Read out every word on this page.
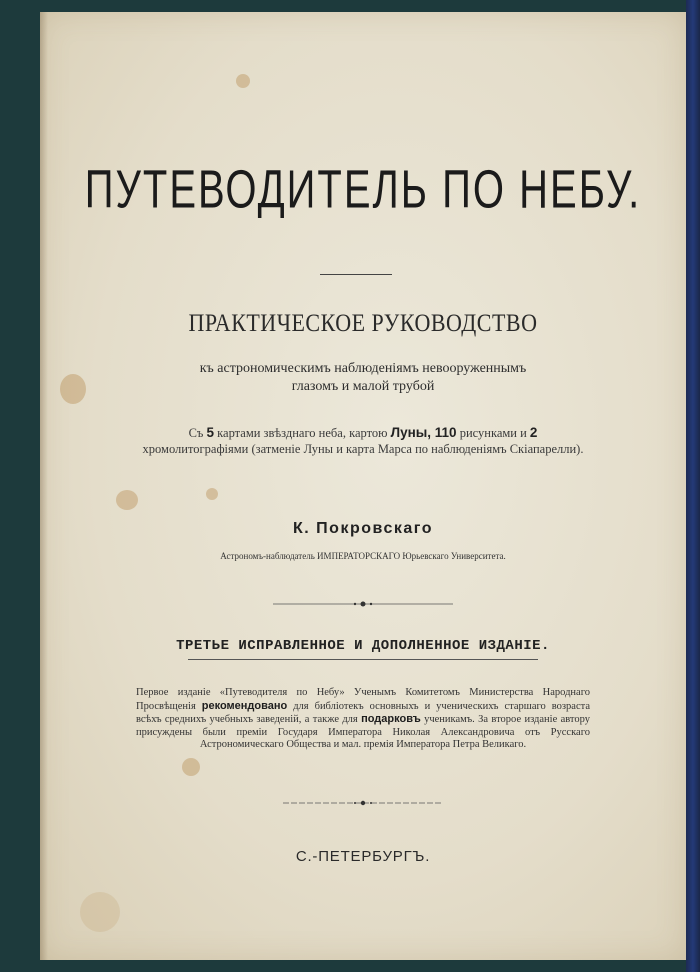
ПУТЕВОДИТЕЛЬ ПО НЕБУ.
ПРАКТИЧЕСКОЕ РУКОВОДСТВО
къ астрономическимъ наблюденіямъ невооруженнымъ
глазомъ и малой трубой
Съ 5 картами звѣзднаго неба, картою Луны, 110 рисунками и 2 хромолитографіями (затменіе Луны и карта Марса по наблюденіямъ Скіапарелли).
К. Покровскаго
Астрономъ-наблюдатель ИМПЕРАТОРСКАГО Юрьевскаго Университета.
ТРЕТЬЕ ИСПРАВЛЕННОЕ И ДОПОЛНЕННОЕ ИЗДАНІЕ.
Первое изданіе «Путеводителя по Небу» Ученымъ Комитетомъ Министерства Народнаго Просвѣщенія рекомендовано для библіотекъ основныхъ и ученическихъ старшаго возраста всѣхъ среднихъ учебныхъ заведеній, а также для подарковъ ученикамъ. За второе изданіе автору присуждены были преміи Государя Императора Николая Александровича отъ Русскаго Астрономическаго Общества и мал. премія Императора Петра Великаго.
С.-ПЕТЕРБУРГЪ.
